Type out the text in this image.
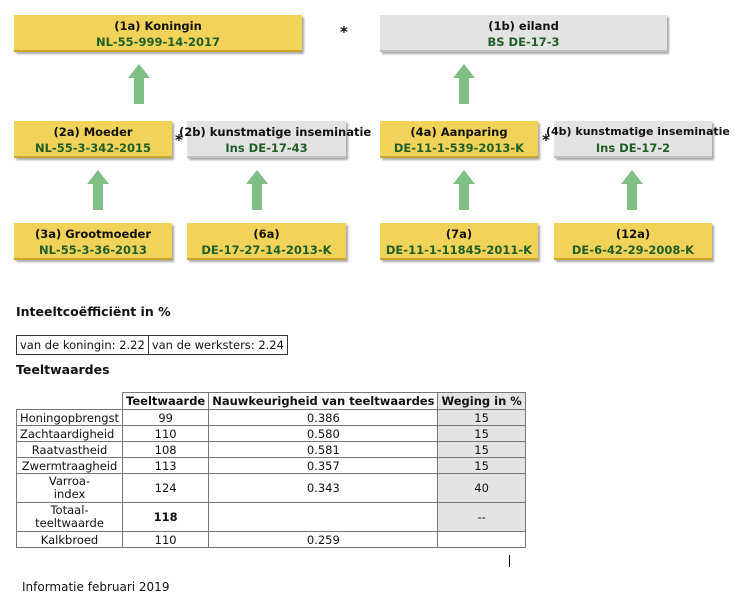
(1a) Koningin
NL-55-999-14-2017
*	(1b) eiland
BS DE-17-3
(2a) Moeder
NL-55-3-342-2015	*
(2b) kunstmatige inseminatie
Ins DE-17-43
(4a) Aanparing
DE-11-1-539-2013-K	*
(4b) kunstmatige inseminatie
Ins DE-17-2
(3a) Grootmoeder
NL-55-3-36-2013
(6a)
DE-17-27-14-2013-K
(7a)
DE-11-1-11845-2011-K
(12a)
DE-6-42-29-2008-K
Inteeltcoëfficiënt in %
van de koningin: 2.22	van de werksters: 2.24
Teeltwaardes
	Teeltwaarde	Nauwkeurigheid van teeltwaardes	Weging in %
Honingopbrengst	99	0.386	15
Zachtaardigheid	110	0.580	15
Raatvastheid	108	0.581	15
Zwermtraagheid	113	0.357	15
Varroa-
index	124	0.343	40
Totaal-
teeltwaarde	118		--
Kalkbroed	110	0.259	
Informatie februari 2019
